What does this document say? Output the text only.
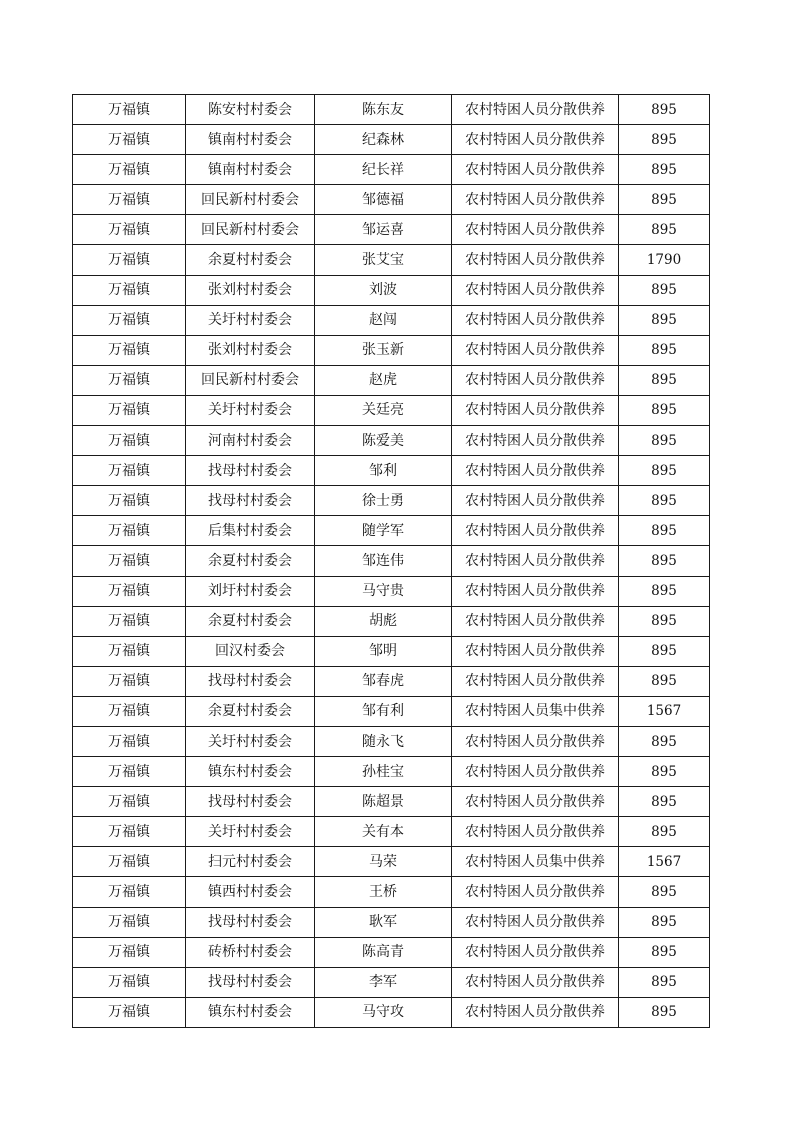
万福镇	陈安村村委会	陈东友	农村特困人员分散供养	895
万福镇	镇南村村委会	纪森林	农村特困人员分散供养	895
万福镇	镇南村村委会	纪长祥	农村特困人员分散供养	895
万福镇	回民新村村委会	邹德福	农村特困人员分散供养	895
万福镇	回民新村村委会	邹运喜	农村特困人员分散供养	895
万福镇	余夏村村委会	张艾宝	农村特困人员分散供养	1790
万福镇	张刘村村委会	刘波	农村特困人员分散供养	895
万福镇	关圩村村委会	赵闯	农村特困人员分散供养	895
万福镇	张刘村村委会	张玉新	农村特困人员分散供养	895
万福镇	回民新村村委会	赵虎	农村特困人员分散供养	895
万福镇	关圩村村委会	关廷亮	农村特困人员分散供养	895
万福镇	河南村村委会	陈爱美	农村特困人员分散供养	895
万福镇	找母村村委会	邹利	农村特困人员分散供养	895
万福镇	找母村村委会	徐士勇	农村特困人员分散供养	895
万福镇	后集村村委会	随学军	农村特困人员分散供养	895
万福镇	余夏村村委会	邹连伟	农村特困人员分散供养	895
万福镇	刘圩村村委会	马守贵	农村特困人员分散供养	895
万福镇	余夏村村委会	胡彪	农村特困人员分散供养	895
万福镇	回汉村委会	邹明	农村特困人员分散供养	895
万福镇	找母村村委会	邹春虎	农村特困人员分散供养	895
万福镇	余夏村村委会	邹有利	农村特困人员集中供养	1567
万福镇	关圩村村委会	随永飞	农村特困人员分散供养	895
万福镇	镇东村村委会	孙桂宝	农村特困人员分散供养	895
万福镇	找母村村委会	陈超景	农村特困人员分散供养	895
万福镇	关圩村村委会	关有本	农村特困人员分散供养	895
万福镇	扫元村村委会	马荣	农村特困人员集中供养	1567
万福镇	镇西村村委会	王桥	农村特困人员分散供养	895
万福镇	找母村村委会	耿军	农村特困人员分散供养	895
万福镇	砖桥村村委会	陈高青	农村特困人员分散供养	895
万福镇	找母村村委会	李军	农村特困人员分散供养	895
万福镇	镇东村村委会	马守攻	农村特困人员分散供养	895
